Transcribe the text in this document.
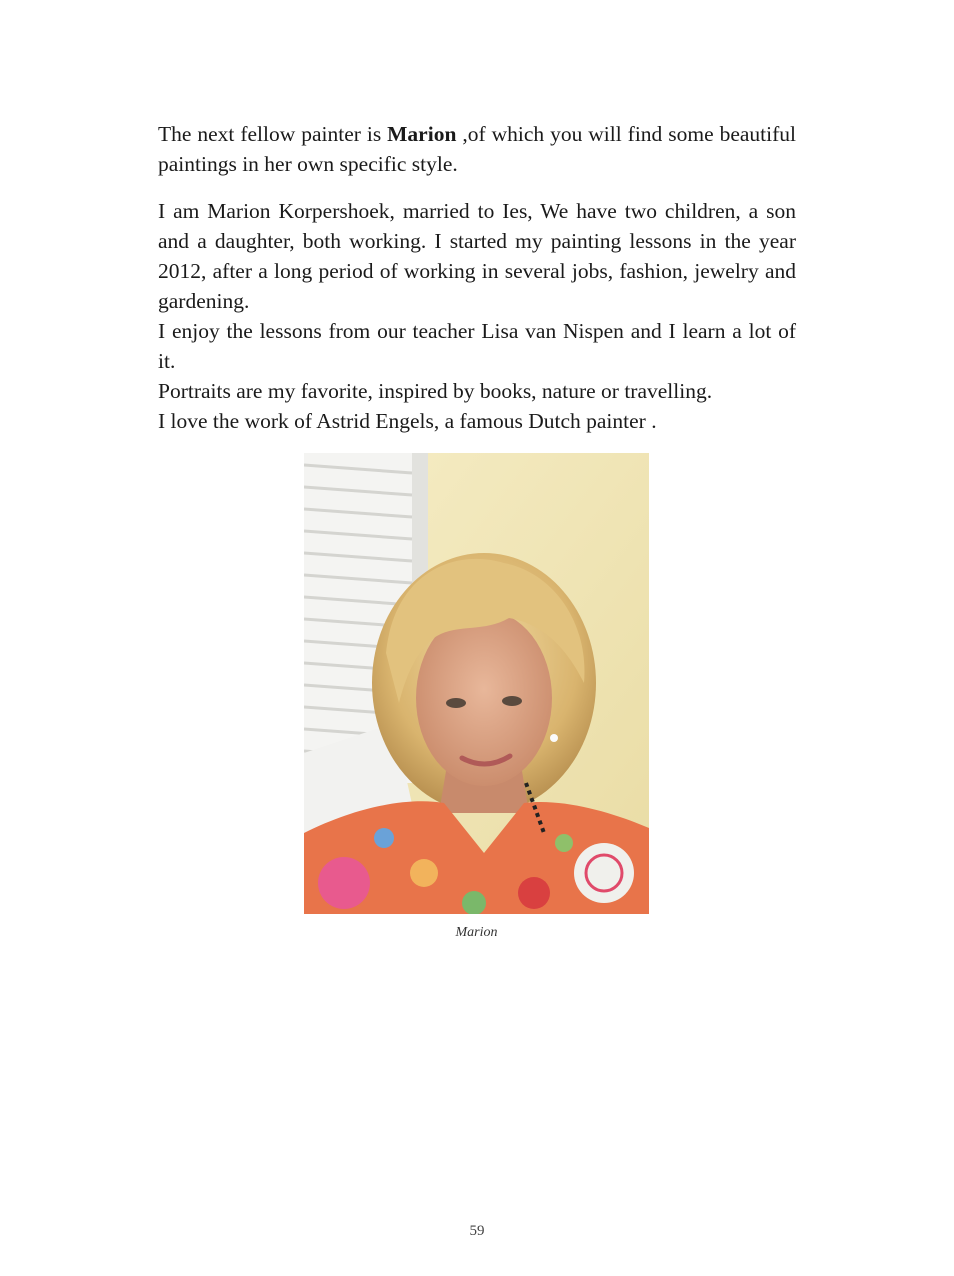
The next fellow painter is Marion ,of which you will find some beautiful paintings in her own specific style.

I am Marion Korpershoek, married to Ies, We have two children, a son and a daughter, both working. I started my painting lessons in the year 2012, after a long period of working in several jobs, fashion, jewelry and gardening.

I enjoy the lessons from our teacher Lisa van Nispen and I learn a lot of it.

Portraits are my favorite, inspired by books, nature or travelling.

I love the work of Astrid Engels, a famous Dutch painter .

Marion
59
